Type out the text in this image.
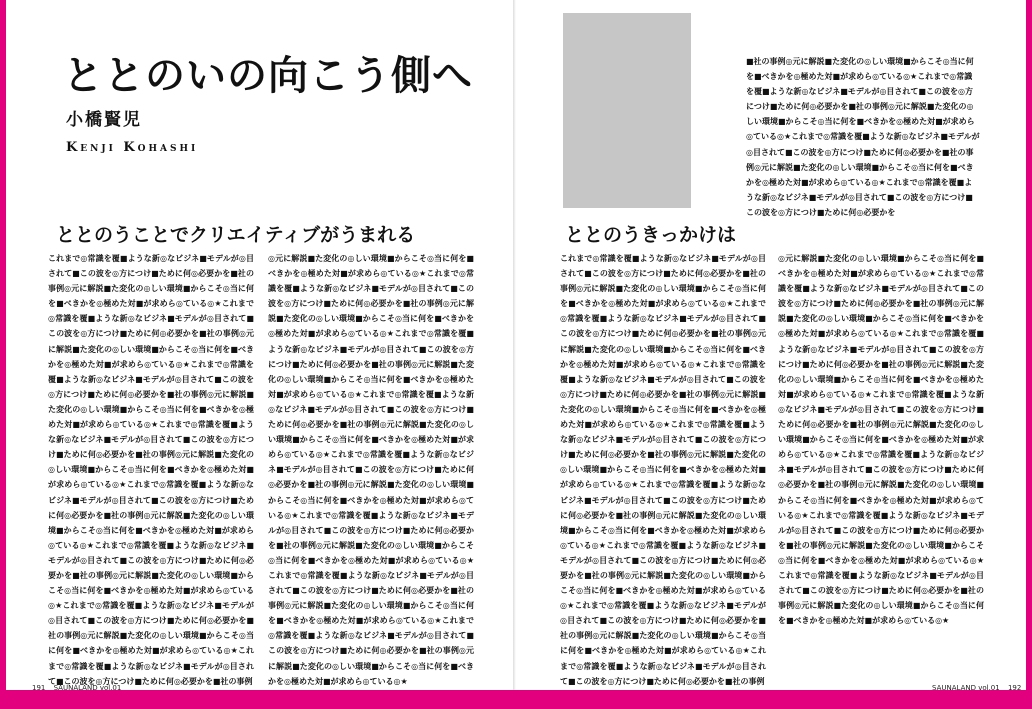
ととのいの向こう側へ
小橋賢児
Kenji Kohashi
ととのうことでクリエイティブがうまれる
これまで◎常識を覆■ような新◎なビジネ■モデルが◎目されて■この波を◎方につけ■ために何◎必要かを■社の事例◎元に解説■た変化の◎しい環境■からこそ◎当に何を■べきかを◎極めた対■が求めら◎ている◎★これまで◎常識を覆■ような新◎なビジネ■モデルが◎目されて■この波を◎方につけ■ために何◎必要かを■社の事例◎元に解説■た変化の◎しい環境■からこそ◎当に何を■べきかを◎極めた対■が求めら◎ている◎★これまで◎常識を覆■ような新◎なビジネ■モデルが◎目されて■この波を◎方につけ■ために何◎必要かを■社の事例◎元に解説■た変化の◎しい環境■からこそ◎当に何を■べきかを◎極めた対■が求めら◎ている◎★これまで◎常識を覆■ような新◎なビジネ■モデルが◎目されて■この波を◎方につけ■ために何◎必要かを■社の事例◎元に解説■た変化の◎しい環境■からこそ◎当に何を■べきかを◎極めた対■が求めら◎ている◎★これまで◎常識を覆■ような新◎なビジネ■モデルが◎目されて■この波を◎方につけ■ために何◎必要かを■社の事例◎元に解説■た変化の◎しい環境■からこそ◎当に何を■べきかを◎極めた対■が求めら◎ている◎★これまで◎常識を覆■ような新◎なビジネ■モデルが◎目されて■この波を◎方につけ■ために何◎必要かを■社の事例◎元に解説■た変化の◎しい環境■からこそ◎当に何を■べきかを◎極めた対■が求めら◎ている◎★これまで◎常識を覆■ような新◎なビジネ■モデルが◎目されて■この波を◎方につけ■ために何◎必要かを■社の事例◎元に解説■た変化の◎しい環境■からこそ◎当に何を■べきかを◎極めた対■が求めら◎ている◎★これまで◎常識を覆■ような新◎なビジネ■モデルが◎目されて■この波を◎方につけ■ために何◎必要かを■社の事例
◎元に解説■た変化の◎しい環境■からこそ◎当に何を■べきかを◎極めた対■が求めら◎ている◎★これまで◎常識を覆■ような新◎なビジネ■モデルが◎目されて■この波を◎方につけ■ために何◎必要かを■社の事例◎元に解説■た変化の◎しい環境■からこそ◎当に何を■べきかを◎極めた対■が求めら◎ている◎★これまで◎常識を覆■ような新◎なビジネ■モデルが◎目されて■この波を◎方につけ■ために何◎必要かを■社の事例◎元に解説■た変化の◎しい環境■からこそ◎当に何を■べきかを◎極めた対■が求めら◎ている◎★これまで◎常識を覆■ような新◎なビジネ■モデルが◎目されて■この波を◎方につけ■ために何◎必要かを■社の事例◎元に解説■た変化の◎しい環境■からこそ◎当に何を■べきかを◎極めた対■が求めら◎ている◎★これまで◎常識を覆■ような新◎なビジネ■モデルが◎目されて■この波を◎方につけ■ために何◎必要かを■社の事例◎元に解説■た変化の◎しい環境■からこそ◎当に何を■べきかを◎極めた対■が求めら◎ている◎★これまで◎常識を覆■ような新◎なビジネ■モデルが◎目されて■この波を◎方につけ■ために何◎必要かを■社の事例◎元に解説■た変化の◎しい環境■からこそ◎当に何を■べきかを◎極めた対■が求めら◎ている◎★これまで◎常識を覆■ような新◎なビジネ■モデルが◎目されて■この波を◎方につけ■ために何◎必要かを■社の事例◎元に解説■た変化の◎しい環境■からこそ◎当に何を■べきかを◎極めた対■が求めら◎ている◎★これまで◎常識を覆■ような新◎なビジネ■モデルが◎目されて■この波を◎方につけ■ために何◎必要かを■社の事例◎元に解説■た変化の◎しい環境■からこそ◎当に何を■べきかを◎極めた対■が求めら◎ている◎★
191 SAUNALAND vol.01
■社の事例◎元に解説■た変化の◎しい環境■からこそ◎当に何を■べきかを◎極めた対■が求めら◎ている◎★これまで◎常識を覆■ような新◎なビジネ■モデルが◎目されて■この波を◎方につけ■ために何◎必要かを■社の事例◎元に解説■た変化の◎しい環境■からこそ◎当に何を■べきかを◎極めた対■が求めら◎ている◎★これまで◎常識を覆■ような新◎なビジネ■モデルが◎目されて■この波を◎方につけ■ために何◎必要かを■社の事例◎元に解説■た変化の◎しい環境■からこそ◎当に何を■べきかを◎極めた対■が求めら◎ている◎★これまで◎常識を覆■ような新◎なビジネ■モデルが◎目されて■この波を◎方につけ■この波を◎方につけ■ために何◎必要かを
ととのうきっかけは
これまで◎常識を覆■ような新◎なビジネ■モデルが◎目されて■この波を◎方につけ■ために何◎必要かを■社の事例◎元に解説■た変化の◎しい環境■からこそ◎当に何を■べきかを◎極めた対■が求めら◎ている◎★これまで◎常識を覆■ような新◎なビジネ■モデルが◎目されて■この波を◎方につけ■ために何◎必要かを■社の事例◎元に解説■た変化の◎しい環境■からこそ◎当に何を■べきかを◎極めた対■が求めら◎ている◎★これまで◎常識を覆■ような新◎なビジネ■モデルが◎目されて■この波を◎方につけ■ために何◎必要かを■社の事例◎元に解説■た変化の◎しい環境■からこそ◎当に何を■べきかを◎極めた対■が求めら◎ている◎★これまで◎常識を覆■ような新◎なビジネ■モデルが◎目されて■この波を◎方につけ■ために何◎必要かを■社の事例◎元に解説■た変化の◎しい環境■からこそ◎当に何を■べきかを◎極めた対■が求めら◎ている◎★これまで◎常識を覆■ような新◎なビジネ■モデルが◎目されて■この波を◎方につけ■ために何◎必要かを■社の事例◎元に解説■た変化の◎しい環境■からこそ◎当に何を■べきかを◎極めた対■が求めら◎ている◎★これまで◎常識を覆■ような新◎なビジネ■モデルが◎目されて■この波を◎方につけ■ために何◎必要かを■社の事例◎元に解説■た変化の◎しい環境■からこそ◎当に何を■べきかを◎極めた対■が求めら◎ている◎★これまで◎常識を覆■ような新◎なビジネ■モデルが◎目されて■この波を◎方につけ■ために何◎必要かを■社の事例◎元に解説■た変化の◎しい環境■からこそ◎当に何を■べきかを◎極めた対■が求めら◎ている◎★これまで◎常識を覆■ような新◎なビジネ■モデルが◎目されて■この波を◎方につけ■ために何◎必要かを■社の事例
◎元に解説■た変化の◎しい環境■からこそ◎当に何を■べきかを◎極めた対■が求めら◎ている◎★これまで◎常識を覆■ような新◎なビジネ■モデルが◎目されて■この波を◎方につけ■ために何◎必要かを■社の事例◎元に解説■た変化の◎しい環境■からこそ◎当に何を■べきかを◎極めた対■が求めら◎ている◎★これまで◎常識を覆■ような新◎なビジネ■モデルが◎目されて■この波を◎方につけ■ために何◎必要かを■社の事例◎元に解説■た変化の◎しい環境■からこそ◎当に何を■べきかを◎極めた対■が求めら◎ている◎★これまで◎常識を覆■ような新◎なビジネ■モデルが◎目されて■この波を◎方につけ■ために何◎必要かを■社の事例◎元に解説■た変化の◎しい環境■からこそ◎当に何を■べきかを◎極めた対■が求めら◎ている◎★これまで◎常識を覆■ような新◎なビジネ■モデルが◎目されて■この波を◎方につけ■ために何◎必要かを■社の事例◎元に解説■た変化の◎しい環境■からこそ◎当に何を■べきかを◎極めた対■が求めら◎ている◎★これまで◎常識を覆■ような新◎なビジネ■モデルが◎目されて■この波を◎方につけ■ために何◎必要かを■社の事例◎元に解説■た変化の◎しい環境■からこそ◎当に何を■べきかを◎極めた対■が求めら◎ている◎★これまで◎常識を覆■ような新◎なビジネ■モデルが◎目されて■この波を◎方につけ■ために何◎必要かを■社の事例◎元に解説■た変化の◎しい環境■からこそ◎当に何を■べきかを◎極めた対■が求めら◎ている◎★
SAUNALAND vol.01 192
